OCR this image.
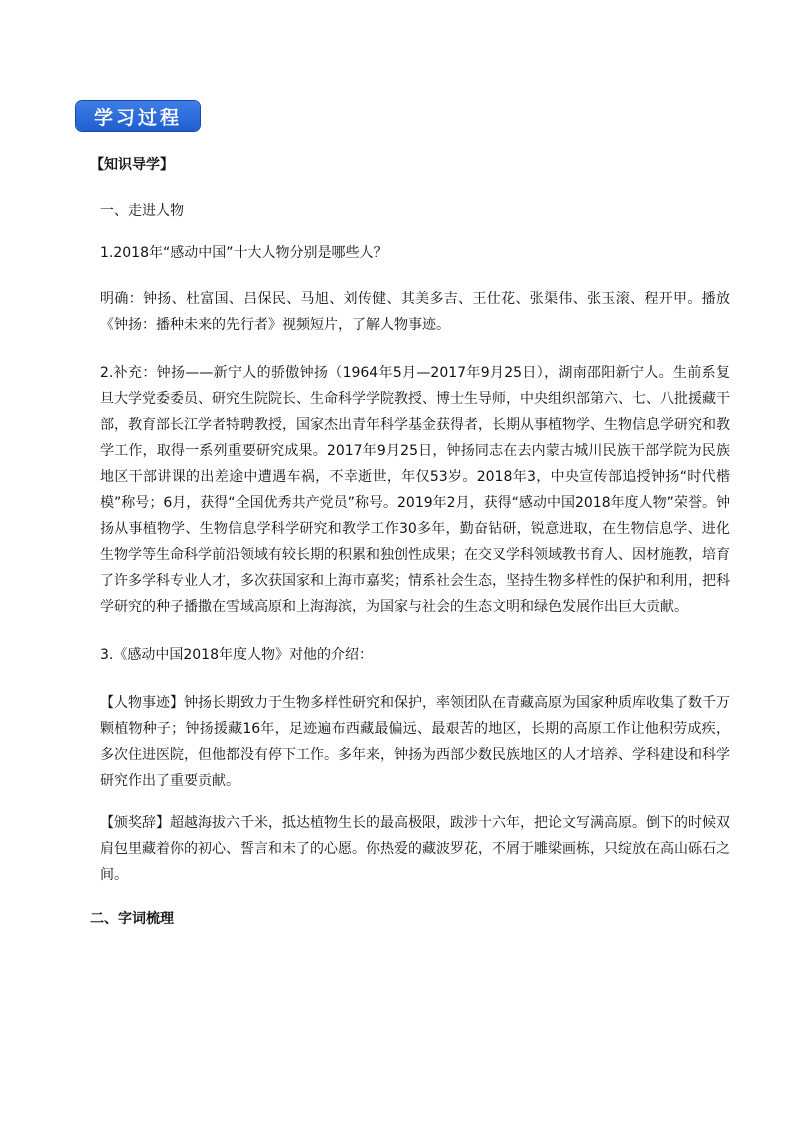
学习过程

【知识导学】

一、走进人物

1.2018年“感动中国”十大人物分别是哪些人？

明确：钟扬、杜富国、吕保民、马旭、刘传健、其美多吉、王仕花、张渠伟、张玉滚、程开甲。播放《钟扬：播种未来的先行者》视频短片，了解人物事迹。

2.补充：钟扬——新宁人的骄傲钟扬（1964年5月—2017年9月25日），湖南邵阳新宁人。生前系复旦大学党委委员、研究生院院长、生命科学学院教授、博士生导师，中央组织部第六、七、八批援藏干部，教育部长江学者特聘教授，国家杰出青年科学基金获得者，长期从事植物学、生物信息学研究和教学工作，取得一系列重要研究成果。2017年9月25日，钟扬同志在去内蒙古城川民族干部学院为民族地区干部讲课的出差途中遭遇车祸，不幸逝世，年仅53岁。2018年3，中央宣传部追授钟扬“时代楷模”称号；6月，获得“全国优秀共产党员”称号。2019年2月，获得“感动中国2018年度人物”荣誉。钟扬从事植物学、生物信息学科学研究和教学工作30多年，勤奋钻研，锐意进取，在生物信息学、进化生物学等生命科学前沿领域有较长期的积累和独创性成果；在交叉学科领域教书育人、因材施教，培育了许多学科专业人才，多次获国家和上海市嘉奖；情系社会生态，坚持生物多样性的保护和利用，把科学研究的种子播撒在雪域高原和上海海滨，为国家与社会的生态文明和绿色发展作出巨大贡献。

3.《感动中国2018年度人物》对他的介绍：

【人物事迹】钟扬长期致力于生物多样性研究和保护，率领团队在青藏高原为国家种质库收集了数千万颗植物种子；钟扬援藏16年，足迹遍布西藏最偏远、最艰苦的地区，长期的高原工作让他积劳成疾，多次住进医院，但他都没有停下工作。多年来，钟扬为西部少数民族地区的人才培养、学科建设和科学研究作出了重要贡献。

【颁奖辞】超越海拔六千米，抵达植物生长的最高极限，跋涉十六年，把论文写满高原。倒下的时候双肩包里藏着你的初心、誓言和未了的心愿。你热爱的藏波罗花，不屑于雕梁画栋，只绽放在高山砾石之间。

二、字词梳理
